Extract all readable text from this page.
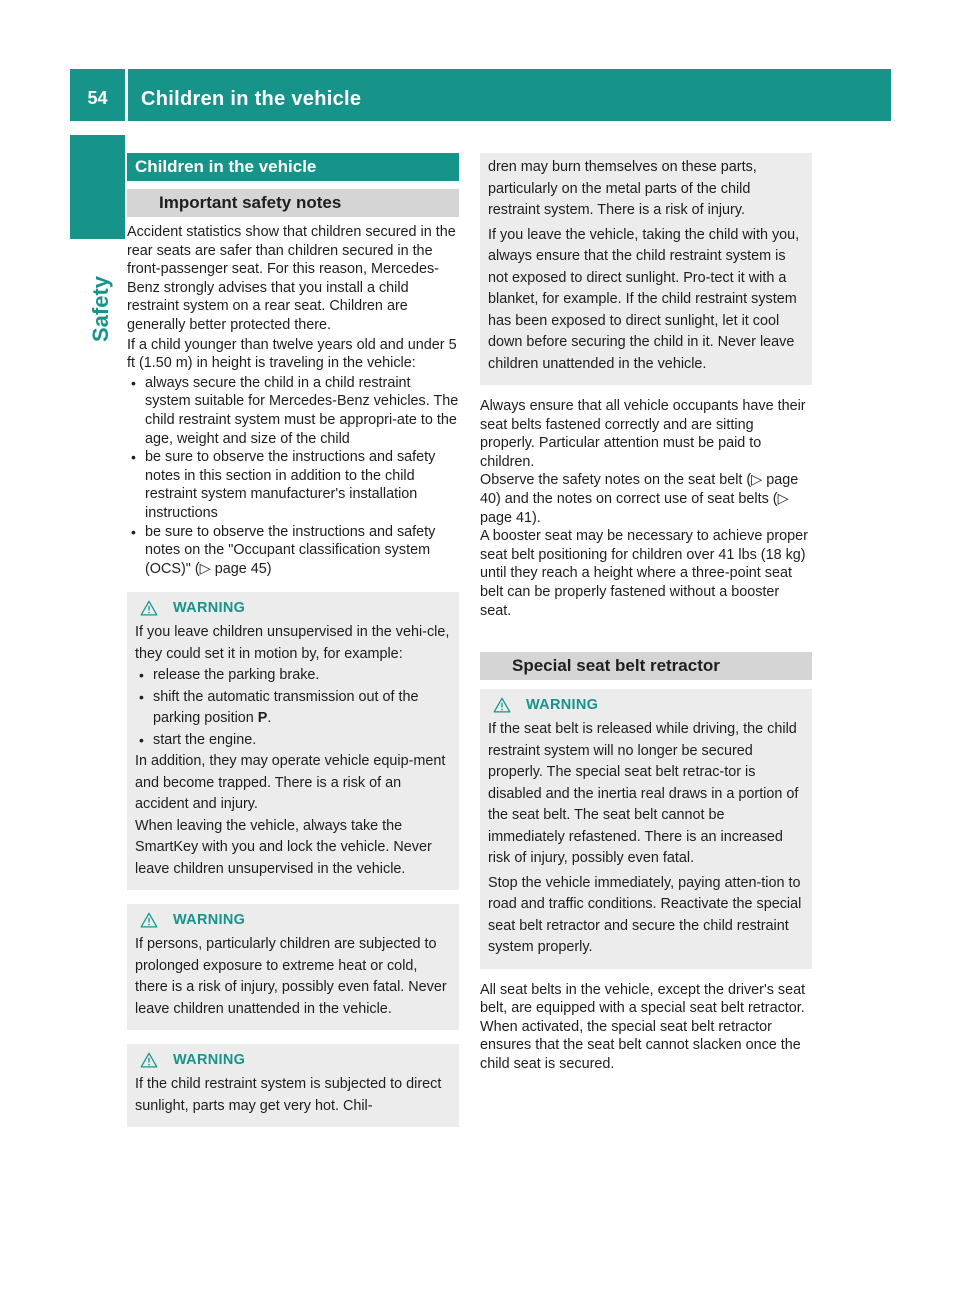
54	Children in the vehicle
Safety
Children in the vehicle
Important safety notes

Accident statistics show that children secured in the rear seats are safer than children secured in the front-passenger seat. For this reason, Mercedes-Benz strongly advises that you install a child restraint system on a rear seat. Children are generally better protected there.

If a child younger than twelve years old and under 5 ft (1.50 m) in height is traveling in the vehicle:

• always secure the child in a child restraint system suitable for Mercedes-Benz vehicles. The child restraint system must be appropri-ate to the age, weight and size of the child
• be sure to observe the instructions and safety notes in this section in addition to the child restraint system manufacturer's installation instructions
• be sure to observe the instructions and safety notes on the "Occupant classification system (OCS)" (▷ page 45)
WARNING

If you leave children unsupervised in the vehi-cle, they could set it in motion by, for example:

• release the parking brake.
• shift the automatic transmission out of the parking position P.
• start the engine.

In addition, they may operate vehicle equip-ment and become trapped. There is a risk of an accident and injury.

When leaving the vehicle, always take the SmartKey with you and lock the vehicle. Never leave children unsupervised in the vehicle.

WARNING

If persons, particularly children are subjected to prolonged exposure to extreme heat or cold, there is a risk of injury, possibly even fatal. Never leave children unattended in the vehicle.

WARNING

If the child restraint system is subjected to direct sunlight, parts may get very hot. Chil-

dren may burn themselves on these parts, particularly on the metal parts of the child restraint system. There is a risk of injury.

If you leave the vehicle, taking the child with you, always ensure that the child restraint system is not exposed to direct sunlight. Pro-tect it with a blanket, for example. If the child restraint system has been exposed to direct sunlight, let it cool down before securing the child in it. Never leave children unattended in the vehicle.

Always ensure that all vehicle occupants have their seat belts fastened correctly and are sitting properly. Particular attention must be paid to children.

Observe the safety notes on the seat belt (▷ page 40) and the notes on correct use of seat belts (▷ page 41).

A booster seat may be necessary to achieve proper seat belt positioning for children over 41 lbs (18 kg) until they reach a height where a three-point seat belt can be properly fastened without a booster seat.

Special seat belt retractor
WARNING

If the seat belt is released while driving, the child restraint system will no longer be secured properly. The special seat belt retrac-tor is disabled and the inertia real draws in a portion of the seat belt. The seat belt cannot be immediately refastened. There is an increased risk of injury, possibly even fatal.

Stop the vehicle immediately, paying atten-tion to road and traffic conditions. Reactivate the special seat belt retractor and secure the child restraint system properly.

All seat belts in the vehicle, except the driver's seat belt, are equipped with a special seat belt retractor. When activated, the special seat belt retractor ensures that the seat belt cannot slacken once the child seat is secured.
